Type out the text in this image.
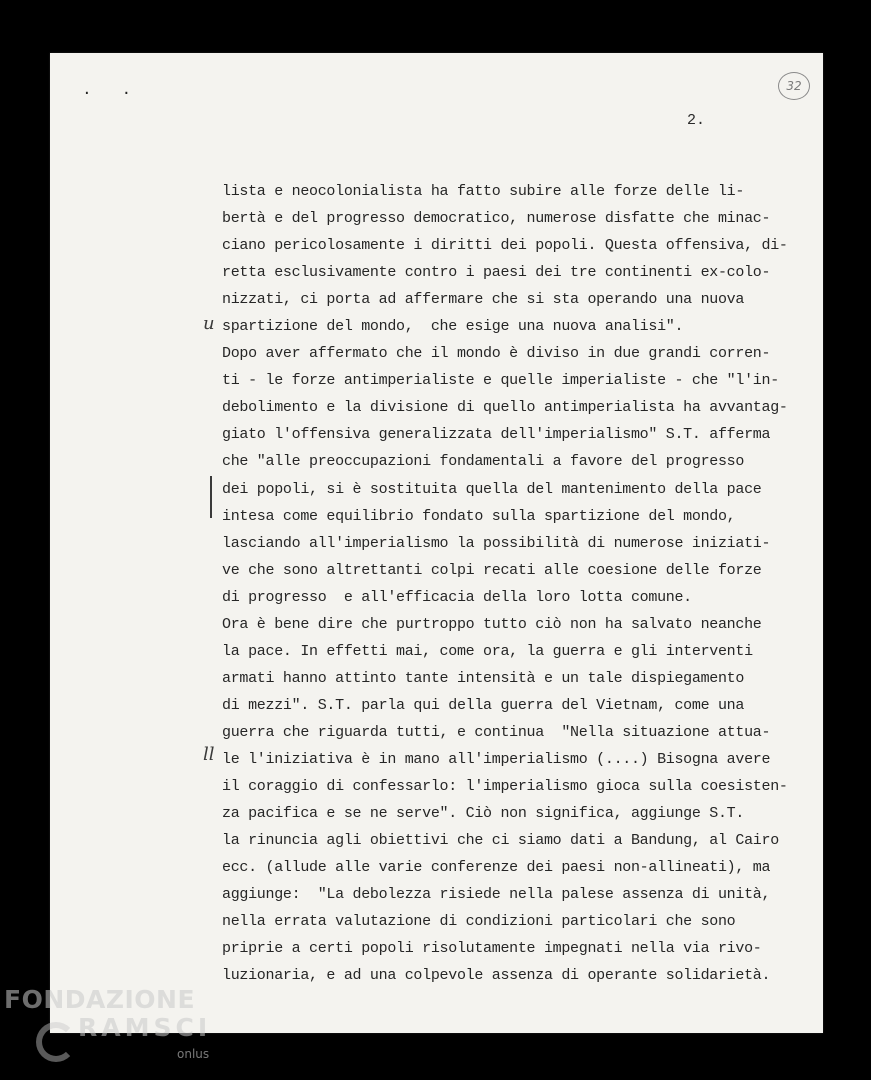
. .	32
2.
u
ll
lista e neocolonialista ha fatto subire alle forze delle li-
bertà e del progresso democratico, numerose disfatte che minac-
ciano pericolosamente i diritti dei popoli. Questa offensiva, di-
retta esclusivamente contro i paesi dei tre continenti ex-colo-
nizzati, ci porta ad affermare che si sta operando una nuova
spartizione del mondo,  che esige una nuova analisi".
Dopo aver affermato che il mondo è diviso in due grandi corren-
ti - le forze antimperialiste e quelle imperialiste - che "l'in-
debolimento e la divisione di quello antimperialista ha avvantag-
giato l'offensiva generalizzata dell'imperialismo" S.T. afferma
che "alle preoccupazioni fondamentali a favore del progresso
dei popoli, si è sostituita quella del mantenimento della pace
intesa come equilibrio fondato sulla spartizione del mondo,
lasciando all'imperialismo la possibilità di numerose iniziati-
ve che sono altrettanti colpi recati alle coesione delle forze
di progresso  e all'efficacia della loro lotta comune.
Ora è bene dire che purtroppo tutto ciò non ha salvato neanche
la pace. In effetti mai, come ora, la guerra e gli interventi
armati hanno attinto tante intensità e un tale dispiegamento
di mezzi". S.T. parla qui della guerra del Vietnam, come una
guerra che riguarda tutti, e continua  "Nella situazione attua-
le l'iniziativa è in mano all'imperialismo (....) Bisogna avere
il coraggio di confessarlo: l'imperialismo gioca sulla coesisten-
za pacifica e se ne serve". Ciò non significa, aggiunge S.T.
la rinuncia agli obiettivi che ci siamo dati a Bandung, al Cairo
ecc. (allude alle varie conferenze dei paesi non-allineati), ma
aggiunge:  "La debolezza risiede nella palese assenza di unità,
nella errata valutazione di condizioni particolari che sono
priprie a certi popoli risolutamente impegnati nella via rivo-
luzionaria, e ad una colpevole assenza di operante solidarietà.
FONDAZIONE
RAMSCI
onlus
